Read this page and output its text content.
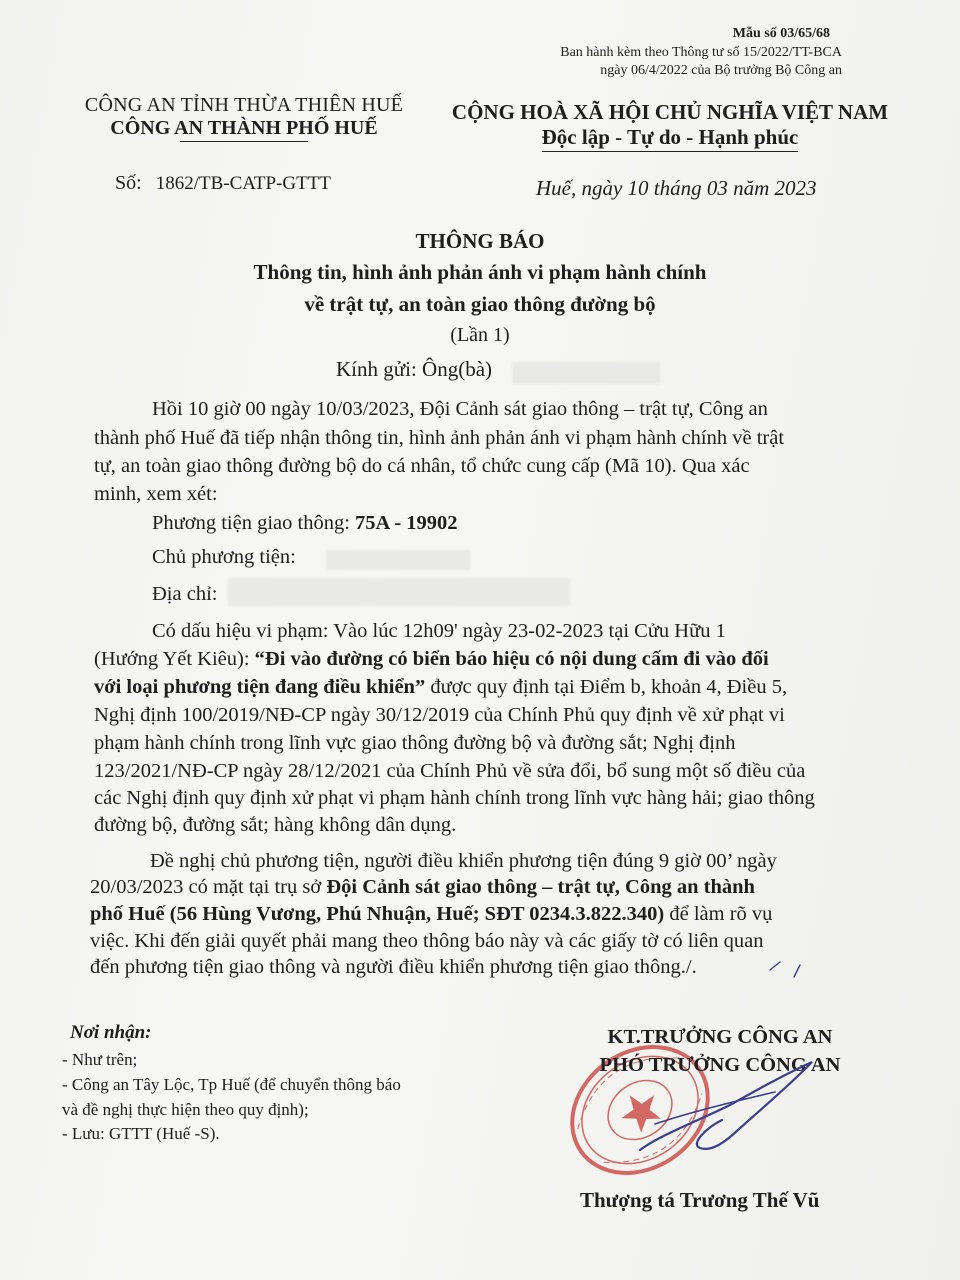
Mẫu số 03/65/68
Ban hành kèm theo Thông tư số 15/2022/TT-BCA
ngày 06/4/2022 của Bộ trưởng Bộ Công an
CÔNG AN TỈNH THỪA THIÊN HUẾ
CÔNG AN THÀNH PHỐ HUẾ
CỘNG HOÀ XÃ HỘI CHỦ NGHĨA VIỆT NAM
Độc lập - Tự do - Hạnh phúc
Số: 1862/TB-CATP-GTTT	Huế, ngày 10 tháng 03 năm 2023
THÔNG BÁO
Thông tin, hình ảnh phản ánh vi phạm hành chính
về trật tự, an toàn giao thông đường bộ
(Lần 1)
Kính gửi: Ông(bà)
Hồi 10 giờ 00 ngày 10/03/2023, Đội Cảnh sát giao thông – trật tự, Công an
thành phố Huế đã tiếp nhận thông tin, hình ảnh phản ánh vi phạm hành chính về trật
tự, an toàn giao thông đường bộ do cá nhân, tổ chức cung cấp (Mã 10). Qua xác
minh, xem xét:
Phương tiện giao thông: 75A - 19902
Chủ phương tiện:
Địa chỉ:
Có dấu hiệu vi phạm: Vào lúc 12h09' ngày 23-02-2023 tại Cửu Hữu 1
(Hướng Yết Kiêu): “Đi vào đường có biển báo hiệu có nội dung cấm đi vào đối
với loại phương tiện đang điều khiển” được quy định tại Điểm b, khoản 4, Điều 5,
Nghị định 100/2019/NĐ-CP ngày 30/12/2019 của Chính Phủ quy định về xử phạt vi
phạm hành chính trong lĩnh vực giao thông đường bộ và đường sắt; Nghị định
123/2021/NĐ-CP ngày 28/12/2021 của Chính Phủ về sửa đổi, bổ sung một số điều của
các Nghị định quy định xử phạt vi phạm hành chính trong lĩnh vực hàng hải; giao thông
đường bộ, đường sắt; hàng không dân dụng.
Đề nghị chủ phương tiện, người điều khiển phương tiện đúng 9 giờ 00’ ngày
20/03/2023 có mặt tại trụ sở Đội Cảnh sát giao thông – trật tự, Công an thành
phố Huế (56 Hùng Vương, Phú Nhuận, Huế; SĐT 0234.3.822.340) để làm rõ vụ
việc. Khi đến giải quyết phải mang theo thông báo này và các giấy tờ có liên quan
đến phương tiện giao thông và người điều khiển phương tiện giao thông./.
Nơi nhận:
- Như trên;
- Công an Tây Lộc, Tp Huế (để chuyển thông báo
và đề nghị thực hiện theo quy định);
- Lưu: GTTT (Huế -S).
KT.TRƯỞNG CÔNG AN
PHÓ TRƯỞNG CÔNG AN
Thượng tá Trương Thế Vũ
